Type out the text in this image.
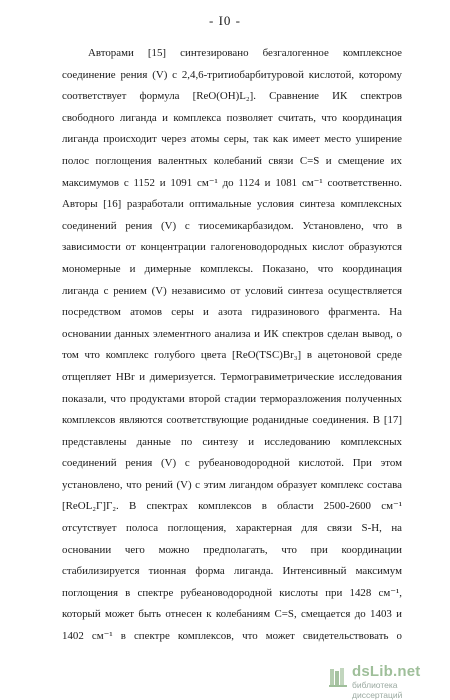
- I0 -
Авторами [15] синтезировано безгалогенное комплексное
соединение рения (V) с 2,4,6-тритиобарбитуровой кислотой, которому
соответствует формула [ReO(OH)L₂]. Сравнение ИК спектров
свободного лиганда и комплекса позволяет считать, что координация
лиганда происходит через атомы серы, так как имеет место уширение
полос поглощения валентных колебаний связи C=S и смещение их
максимумов с 1152 и 1091 см⁻¹ до 1124 и 1081 см⁻¹ соответственно.
Авторы [16] разработали оптимальные условия синтеза комплексных
соединений рения (V) с тиосемикарбазидом. Установлено, что в
зависимости от концентрации галогеноводородных кислот образуются
мономерные и димерные комплексы. Показано, что координация
лиганда с рением (V) независимо от условий синтеза осуществляется
посредством атомов серы и азота гидразинового фрагмента. На
основании данных элементного анализа и ИК спектров сделан вывод, о
том что комплекс голубого цвета [ReO(TSC)Br₃] в ацетоновой среде
отщепляет HBr и димеризуется. Термогравиметрические исследования
показали, что продуктами второй стадии терморазложения полученных
комплексов являются соответствующие роданидные соединения. В [17]
представлены данные по синтезу и исследованию комплексных
соединений рения (V) с рубеановодородной кислотой. При этом
установлено, что рений (V) с этим лигандом образует комплекс состава
[ReOL₂Г]Г₂. В спектрах комплексов в области 2500-2600 см⁻¹
отсутствует полоса поглощения, характерная для связи S-H, на
основании чего можно предполагать, что при координации
стабилизируется тионная форма лиганда. Интенсивный максимум
поглощения в спектре рубеановодородной кислоты при 1428 см⁻¹,
который может быть отнесен к колебаниям C=S, смещается до 1403 и
1402 см⁻¹ в спектре комплексов, что может свидетельствовать о
dsLib.net
библиотека диссертаций
